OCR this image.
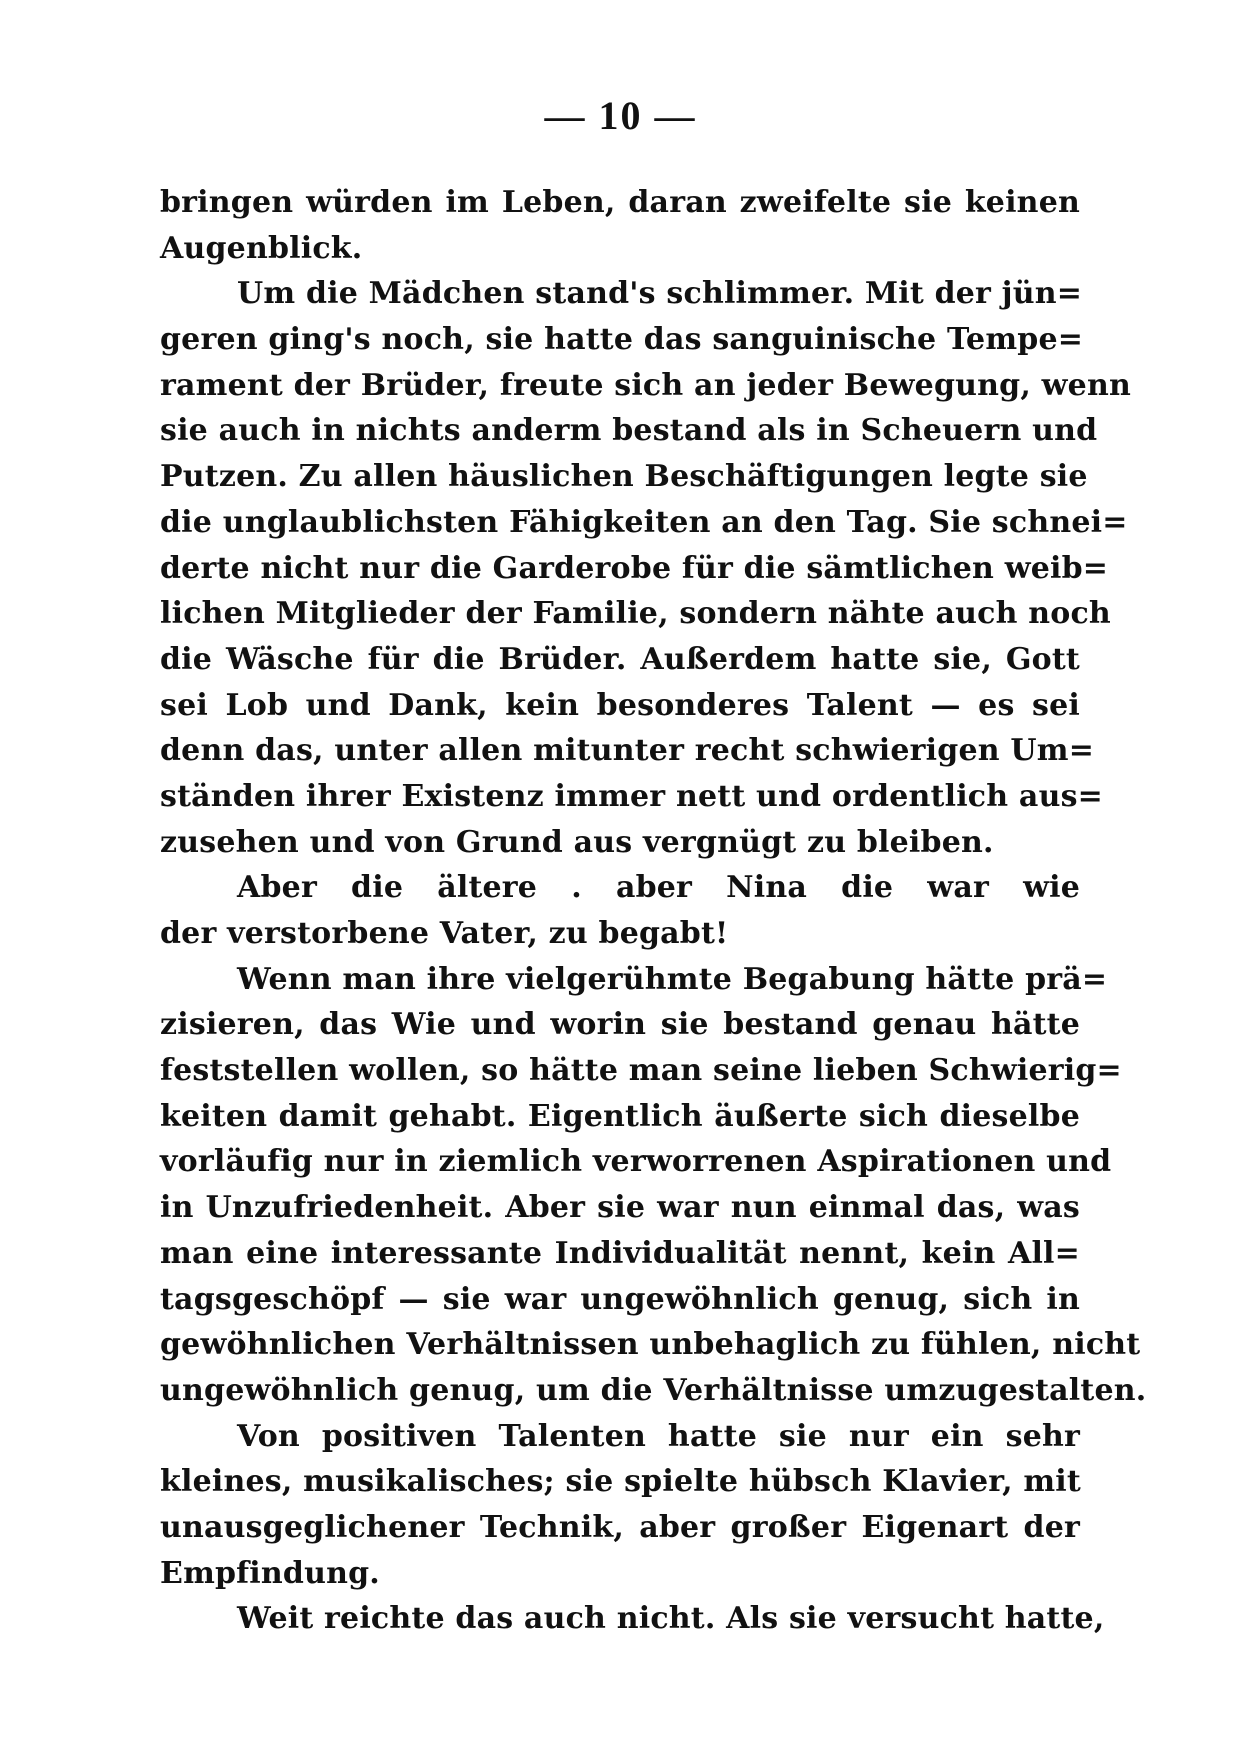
— 10 —
bringen würden im Leben, daran zweifelte sie keinen
Augenblick.
Um die Mädchen stand's schlimmer. Mit der jün=
geren ging's noch, sie hatte das sanguinische Tempe=
rament der Brüder, freute sich an jeder Bewegung, wenn
sie auch in nichts anderm bestand als in Scheuern und
Putzen. Zu allen häuslichen Beschäftigungen legte sie
die unglaublichsten Fähigkeiten an den Tag. Sie schnei=
derte nicht nur die Garderobe für die sämtlichen weib=
lichen Mitglieder der Familie, sondern nähte auch noch
die Wäsche für die Brüder. Außerdem hatte sie, Gott
sei Lob und Dank, kein besonderes Talent — es sei
denn das, unter allen mitunter recht schwierigen Um=
ständen ihrer Existenz immer nett und ordentlich aus=
zusehen und von Grund aus vergnügt zu bleiben.
Aber die ältere . aber Nina die war wie
der verstorbene Vater, zu begabt!
Wenn man ihre vielgerühmte Begabung hätte prä=
zisieren, das Wie und worin sie bestand genau hätte
feststellen wollen, so hätte man seine lieben Schwierig=
keiten damit gehabt. Eigentlich äußerte sich dieselbe
vorläufig nur in ziemlich verworrenen Aspirationen und
in Unzufriedenheit. Aber sie war nun einmal das, was
man eine interessante Individualität nennt, kein All=
tagsgeschöpf — sie war ungewöhnlich genug, sich in
gewöhnlichen Verhältnissen unbehaglich zu fühlen, nicht
ungewöhnlich genug, um die Verhältnisse umzugestalten.
Von positiven Talenten hatte sie nur ein sehr
kleines, musikalisches; sie spielte hübsch Klavier, mit
unausgeglichener Technik, aber großer Eigenart der
Empfindung.
Weit reichte das auch nicht. Als sie versucht hatte,
